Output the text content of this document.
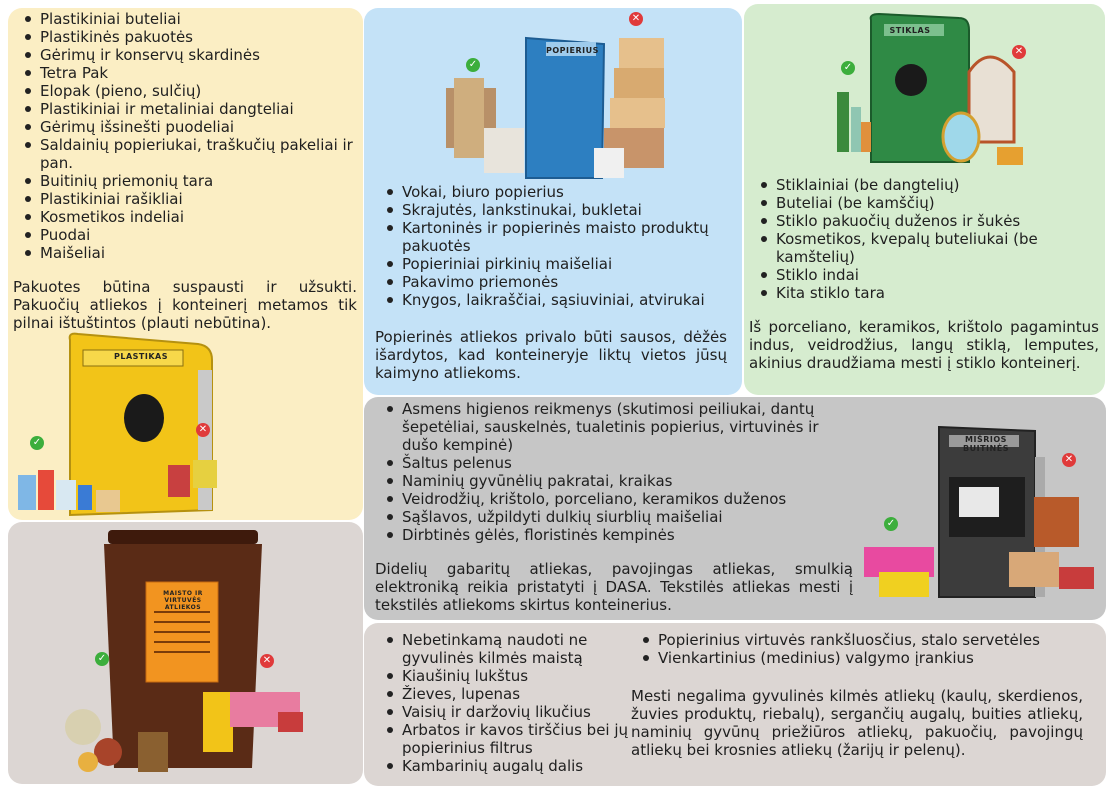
Plastikiniai buteliai
Plastikinės pakuotės
Gėrimų ir konservų skardinės
Tetra Pak
Elopak (pieno, sulčių)
Plastikiniai ir metaliniai dangteliai
Gėrimų išsinešti puodeliai
Saldainių popieriukai, traškučių pakeliai ir pan.
Buitinių priemonių tara
Plastikiniai rašikliai
Kosmetikos indeliai
Puodai
Maišeliai

Pakuotes būtina suspausti ir užsukti. Pakuočių atliekos į konteinerį metamos tik pilnai ištuštintos (plauti nebūtina).

PLASTIKAS
✓
✕
POPIERIUS
✓
✕
Vokai, biuro popierius
Skrajutės, lankstinukai, bukletai
Kartoninės ir popierinės maisto produktų pakuotės
Popieriniai pirkinių maišeliai
Pakavimo priemonės
Knygos, laikraščiai, sąsiuviniai, atvirukai

Popierinės atliekos privalo būti sausos, dėžės išardytos, kad konteineryje liktų vietos jūsų kaimyno atliekoms.

STIKLAS
✓
✕
Stiklainiai (be dangtelių)
Buteliai (be kamščių)
Stiklo pakuočių duženos ir šukės
Kosmetikos, kvepalų buteliukai (be kamštelių)
Stiklo indai
Kita stiklo tara

Iš porceliano, keramikos, krištolo pagamintus indus, veidrodžius, langų stiklą, lemputes, akinius draudžiama mesti į stiklo konteinerį.

MAISTO IR VIRTUVĖS ATLIEKOS
✓	✕
Asmens higienos reikmenys (skutimosi peiliukai, dantų šepetėliai, sauskelnės, tualetinis popierius, virtuvinės ir dušo kempinė)
Šaltus pelenus
Naminių gyvūnėlių pakratai, kraikas
Veidrodžių, krištolo, porceliano, keramikos duženos
Sąšlavos, užpildyti dulkių siurblių maišeliai
Dirbtinės gėlės, floristinės kempinės

Didelių gabaritų atliekas, pavojingas atliekas, smulkią elektroniką reikia pristatyti į DASA. Tekstilės atliekas mesti į tekstilės atliekoms skirtus konteinerius.

MIŠRIOS BUITINĖS
✓
✕
Nebetinkamą naudoti ne gyvulinės kilmės maistą
Kiaušinių lukštus
Žieves, lupenas
Vaisių ir daržovių likučius
Arbatos ir kavos tirščius bei jų popierinius filtrus
Kambarinių augalų dalis
Popierinius virtuvės rankšluosčius, stalo servetėles
Vienkartinius (medinius) valgymo įrankius

Mesti negalima gyvulinės kilmės atliekų (kaulų, skerdienos, žuvies produktų, riebalų), sergančių augalų, buities atliekų, naminių gyvūnų priežiūros atliekų, pakuočių, pavojingų atliekų bei krosnies atliekų (žarijų ir pelenų).
